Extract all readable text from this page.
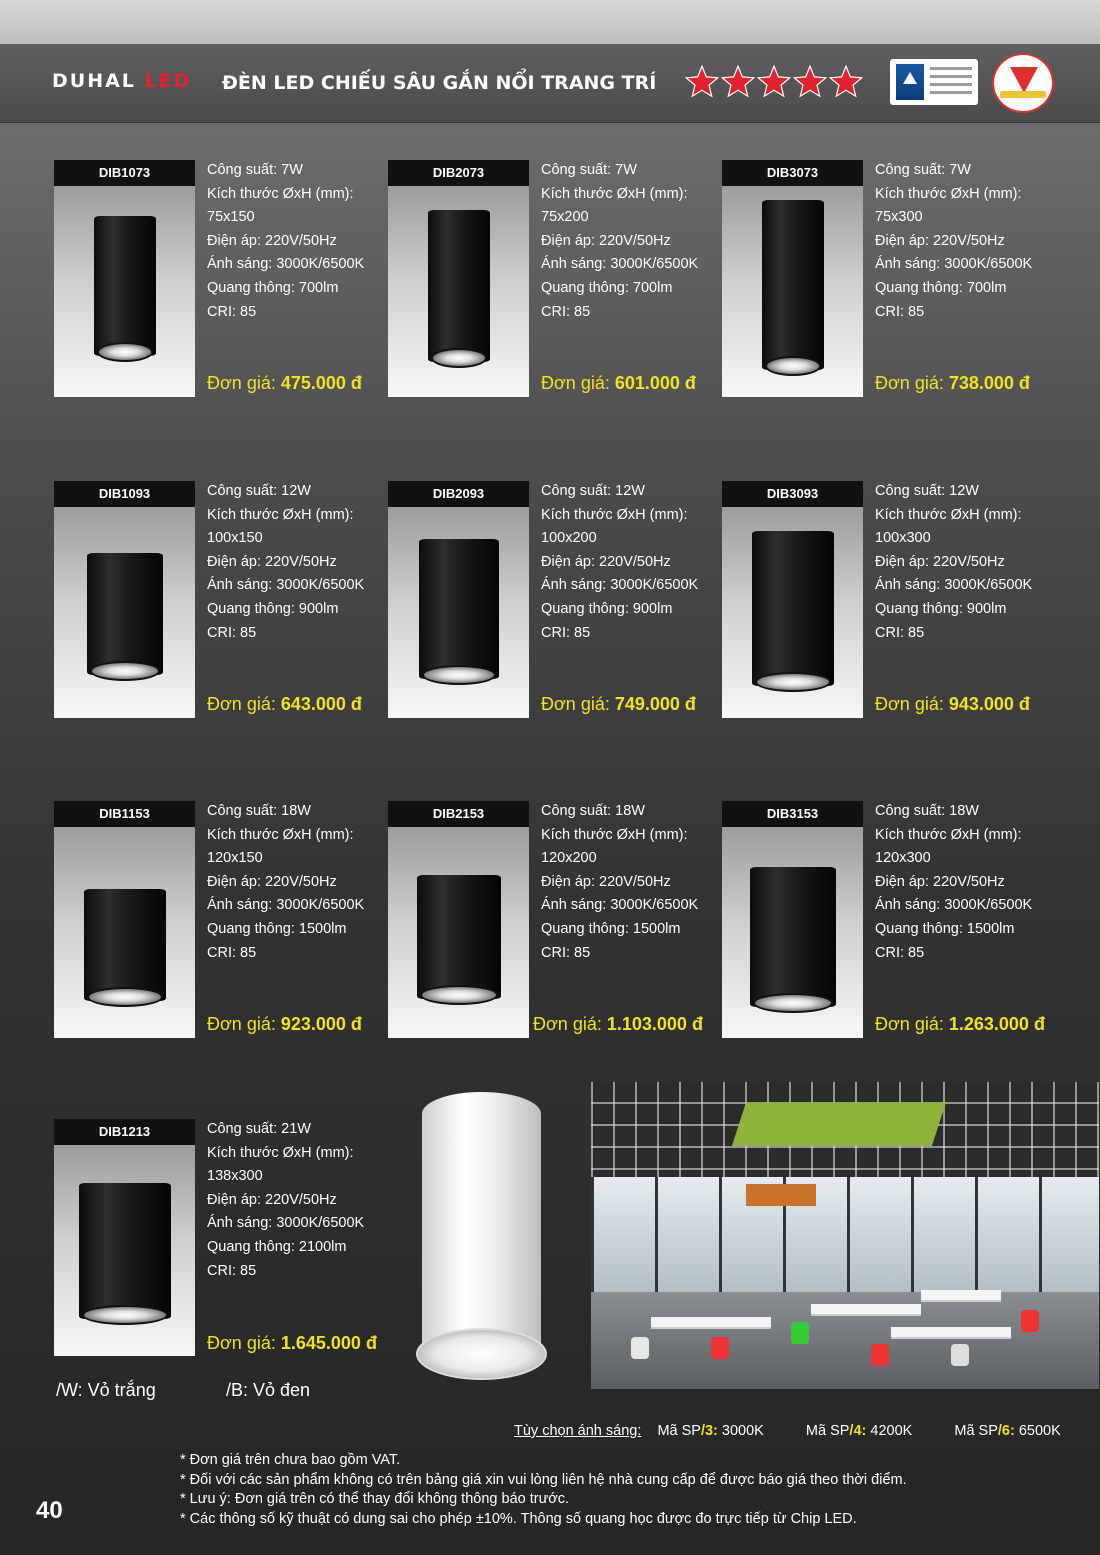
DUHAL LED ĐÈN LED CHIẾU SÂU GẮN NỔI TRANG TRÍ
DIB1073	Công suất: 7W
Kích thước ØxH (mm):
75x150
Điện áp: 220V/50Hz
Ánh sáng: 3000K/6500K
Quang thông: 700lm
CRI: 85
Đơn giá: 475.000 đ
DIB2073	Công suất: 7W
Kích thước ØxH (mm):
75x200
Điện áp: 220V/50Hz
Ánh sáng: 3000K/6500K
Quang thông: 700lm
CRI: 85
Đơn giá: 601.000 đ
DIB3073	Công suất: 7W
Kích thước ØxH (mm):
75x300
Điện áp: 220V/50Hz
Ánh sáng: 3000K/6500K
Quang thông: 700lm
CRI: 85
Đơn giá: 738.000 đ
DIB1093	Công suất: 12W
Kích thước ØxH (mm):
100x150
Điện áp: 220V/50Hz
Ánh sáng: 3000K/6500K
Quang thông: 900lm
CRI: 85
Đơn giá: 643.000 đ
DIB2093	Công suất: 12W
Kích thước ØxH (mm):
100x200
Điện áp: 220V/50Hz
Ánh sáng: 3000K/6500K
Quang thông: 900lm
CRI: 85
Đơn giá: 749.000 đ
DIB3093	Công suất: 12W
Kích thước ØxH (mm):
100x300
Điện áp: 220V/50Hz
Ánh sáng: 3000K/6500K
Quang thông: 900lm
CRI: 85
Đơn giá: 943.000 đ
DIB1153	Công suất: 18W
Kích thước ØxH (mm):
120x150
Điện áp: 220V/50Hz
Ánh sáng: 3000K/6500K
Quang thông: 1500lm
CRI: 85
Đơn giá: 923.000 đ
DIB2153	Công suất: 18W
Kích thước ØxH (mm):
120x200
Điện áp: 220V/50Hz
Ánh sáng: 3000K/6500K
Quang thông: 1500lm
CRI: 85
Đơn giá: 1.103.000 đ
DIB3153	Công suất: 18W
Kích thước ØxH (mm):
120x300
Điện áp: 220V/50Hz
Ánh sáng: 3000K/6500K
Quang thông: 1500lm
CRI: 85
Đơn giá: 1.263.000 đ
DIB1213	Công suất: 21W
Kích thước ØxH (mm):
138x300
Điện áp: 220V/50Hz
Ánh sáng: 3000K/6500K
Quang thông: 2100lm
CRI: 85
Đơn giá: 1.645.000 đ
/W: Vỏ trắng	/B: Vỏ đen
Tùy chọn ánh sáng: Mã SP/3: 3000K	Mã SP/4: 4200K	Mã SP/6: 6500K
* Đơn giá trên chưa bao gồm VAT.
* Đối với các sản phẩm không có trên bảng giá xin vui lòng liên hệ nhà cung cấp để được báo giá theo thời điểm.
* Lưu ý: Đơn giá trên có thể thay đổi không thông báo trước.
* Các thông số kỹ thuật có dung sai cho phép ±10%. Thông số quang học được đo trực tiếp từ Chip LED.
40
